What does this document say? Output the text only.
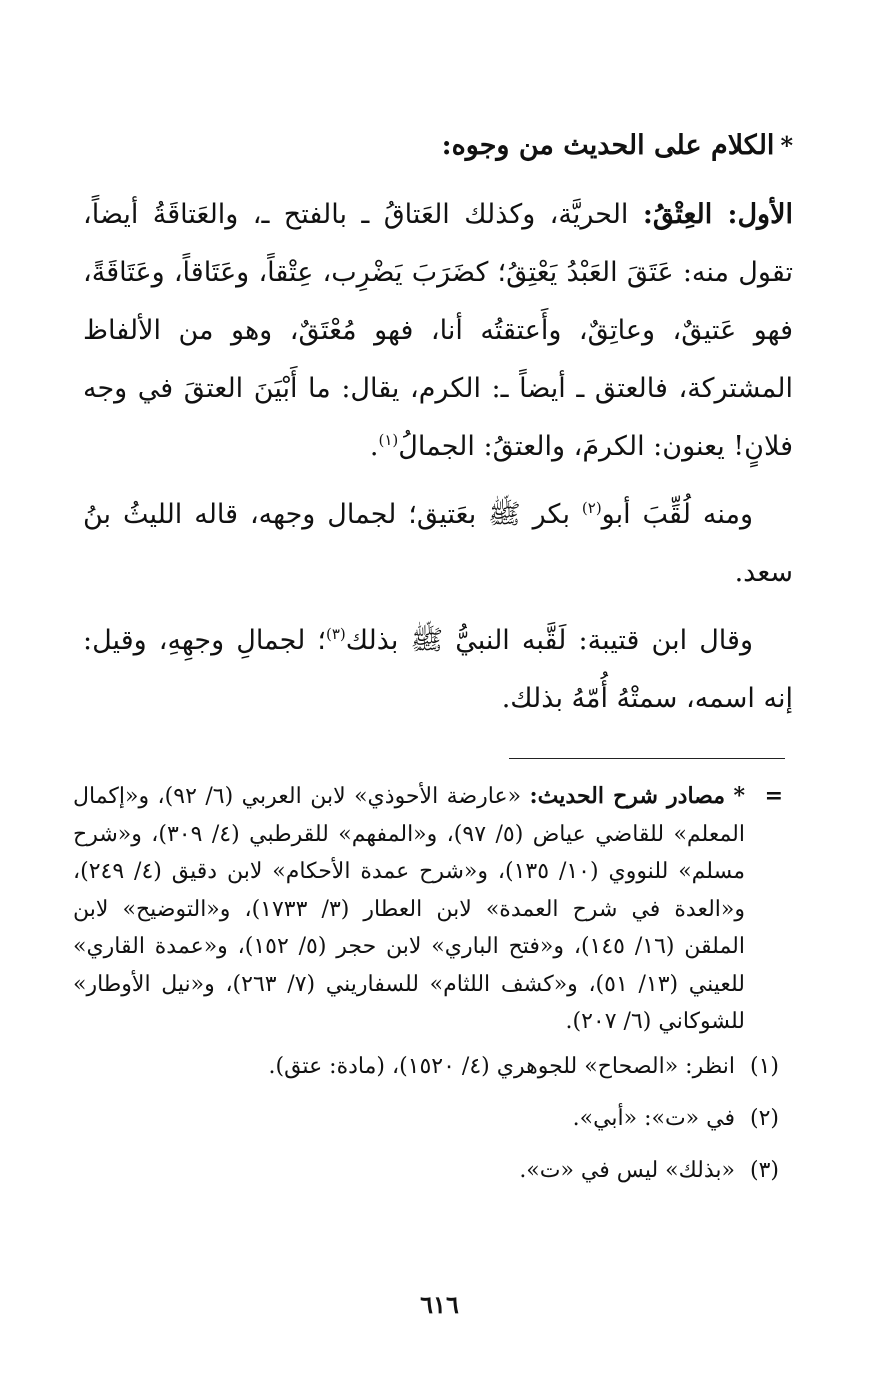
*الكلام على الحديث من وجوه:

الأول: العِتْقُ: الحريَّة، وكذلك العَتاقُ ـ بالفتح ـ، والعَتاقَةُ أيضاً، تقول منه: عَتَقَ العَبْدُ يَعْتِقُ؛ كضَرَبَ يَضْرِب، عِتْقاً، وعَتَاقاً، وعَتَاقَةً، فهو عَتيقٌ، وعاتِقٌ، وأَعتقتُه أنا، فهو مُعْتَقٌ، وهو من الألفاظ المشتركة، فالعتق ـ أيضاً ـ: الكرم، يقال: ما أَبْيَنَ العتقَ في وجه فلانٍ! يعنون: الكرمَ، والعتقُ: الجمالُ$^{(١)}$.

ومنه لُقِّبَ أبو$^{(٢)}$ بكر ﷺ بعَتيق؛ لجمال وجهه، قاله الليثُ بنُ سعد.

وقال ابن قتيبة: لَقَّبه النبيُّ ﷺ بذلك$^{(٣)}$؛ لجمالِ وجهِهِ، وقيل: إنه اسمه، سمتْهُ أُمّهُ بذلك.

=
* مصادر شرح الحديث: «عارضة الأحوذي» لابن العربي (٦/ ٩٢)، و«إكمال المعلم» للقاضي عياض (٥/ ٩٧)، و«المفهم» للقرطبي (٤/ ٣٠٩)، و«شرح مسلم» للنووي (١٠/ ١٣٥)، و«شرح عمدة الأحكام» لابن دقيق (٤/ ٢٤٩)، و«العدة في شرح العمدة» لابن العطار (٣/ ١٧٣٣)، و«التوضيح» لابن الملقن (١٦/ ١٤٥)، و«فتح الباري» لابن حجر (٥/ ١٥٢)، و«عمدة القاري» للعيني (١٣/ ٥١)، و«كشف اللثام» للسفاريني (٧/ ٢٦٣)، و«نيل الأوطار» للشوكاني (٦/ ٢٠٧).

(١)انظر: «الصحاح» للجوهري (٤/ ١٥٢٠)، (مادة: عتق).

(٢)في «ت»: «أبي».

(٣)«بذلك» ليس في «ت».

٦١٦
